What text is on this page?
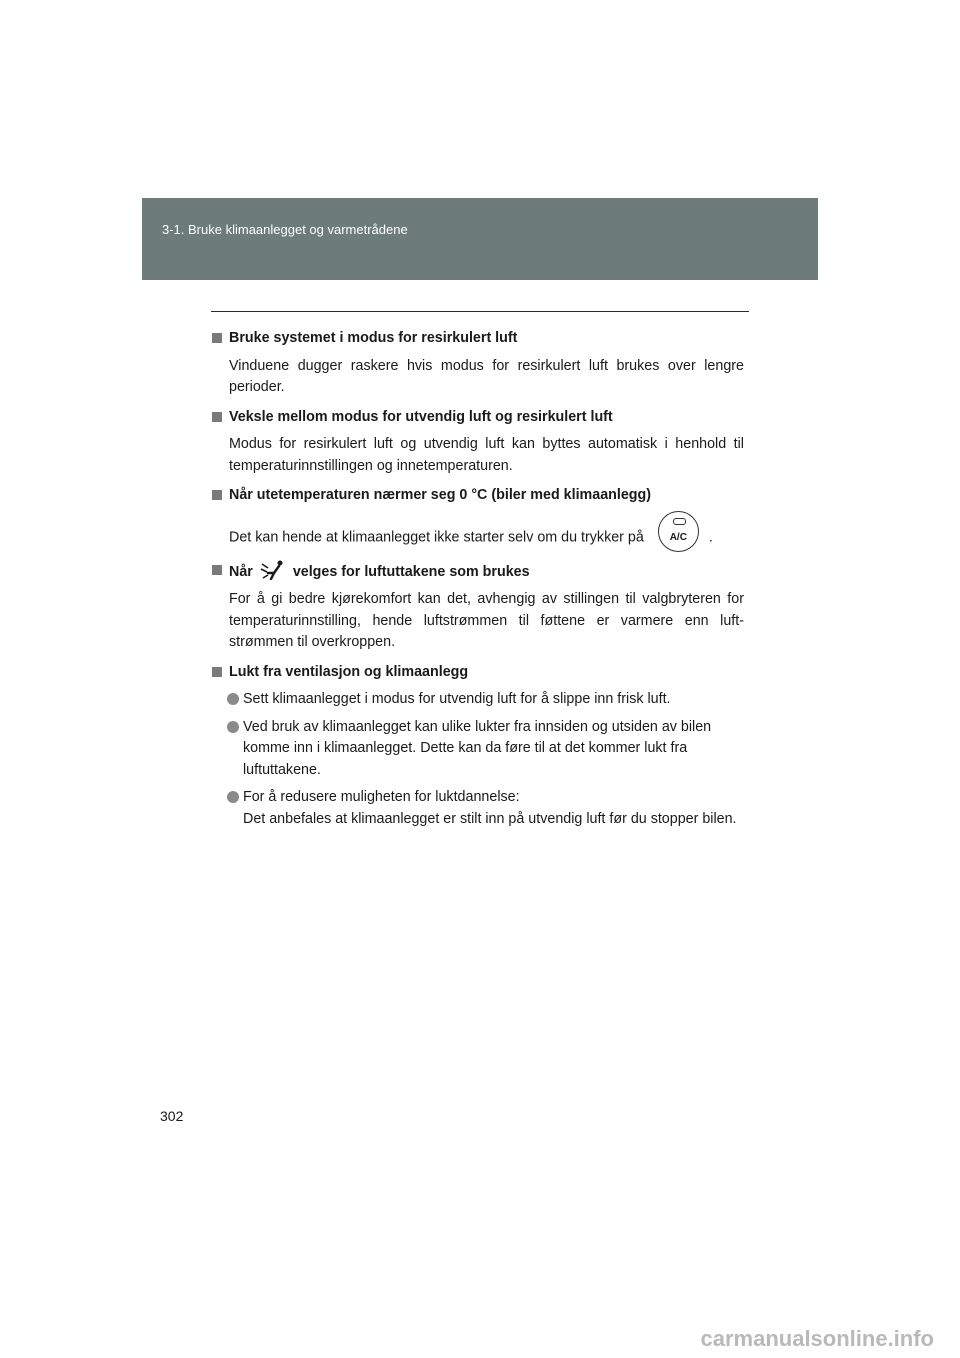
3-1. Bruke klimaanlegget og varmetrådene
Bruke systemet i modus for resirkulert luft
Vinduene dugger raskere hvis modus for resirkulert luft brukes over lengre perioder.
Veksle mellom modus for utvendig luft og resirkulert luft
Modus for resirkulert luft og utvendig luft kan byttes automatisk i henhold til temperaturinnstillingen og innetemperaturen.
Når utetemperaturen nærmer seg 0 °C (biler med klimaanlegg)
Det kan hende at klimaanlegget ikke starter selv om du trykker på	A/C	.
Når	velges for luftuttakene som brukes
For å gi bedre kjørekomfort kan det, avhengig av stillingen til valgbryteren for temperaturinnstilling, hende luftstrømmen til føttene er varmere enn luft-strømmen til overkroppen.
Lukt fra ventilasjon og klimaanlegg
Sett klimaanlegget i modus for utvendig luft for å slippe inn frisk luft.
Ved bruk av klimaanlegget kan ulike lukter fra innsiden og utsiden av bilen komme inn i klimaanlegget. Dette kan da føre til at det kommer lukt fra luftuttakene.
For å redusere muligheten for luktdannelse:
Det anbefales at klimaanlegget er stilt inn på utvendig luft før du stopper bilen.
302
carmanualsonline.info
